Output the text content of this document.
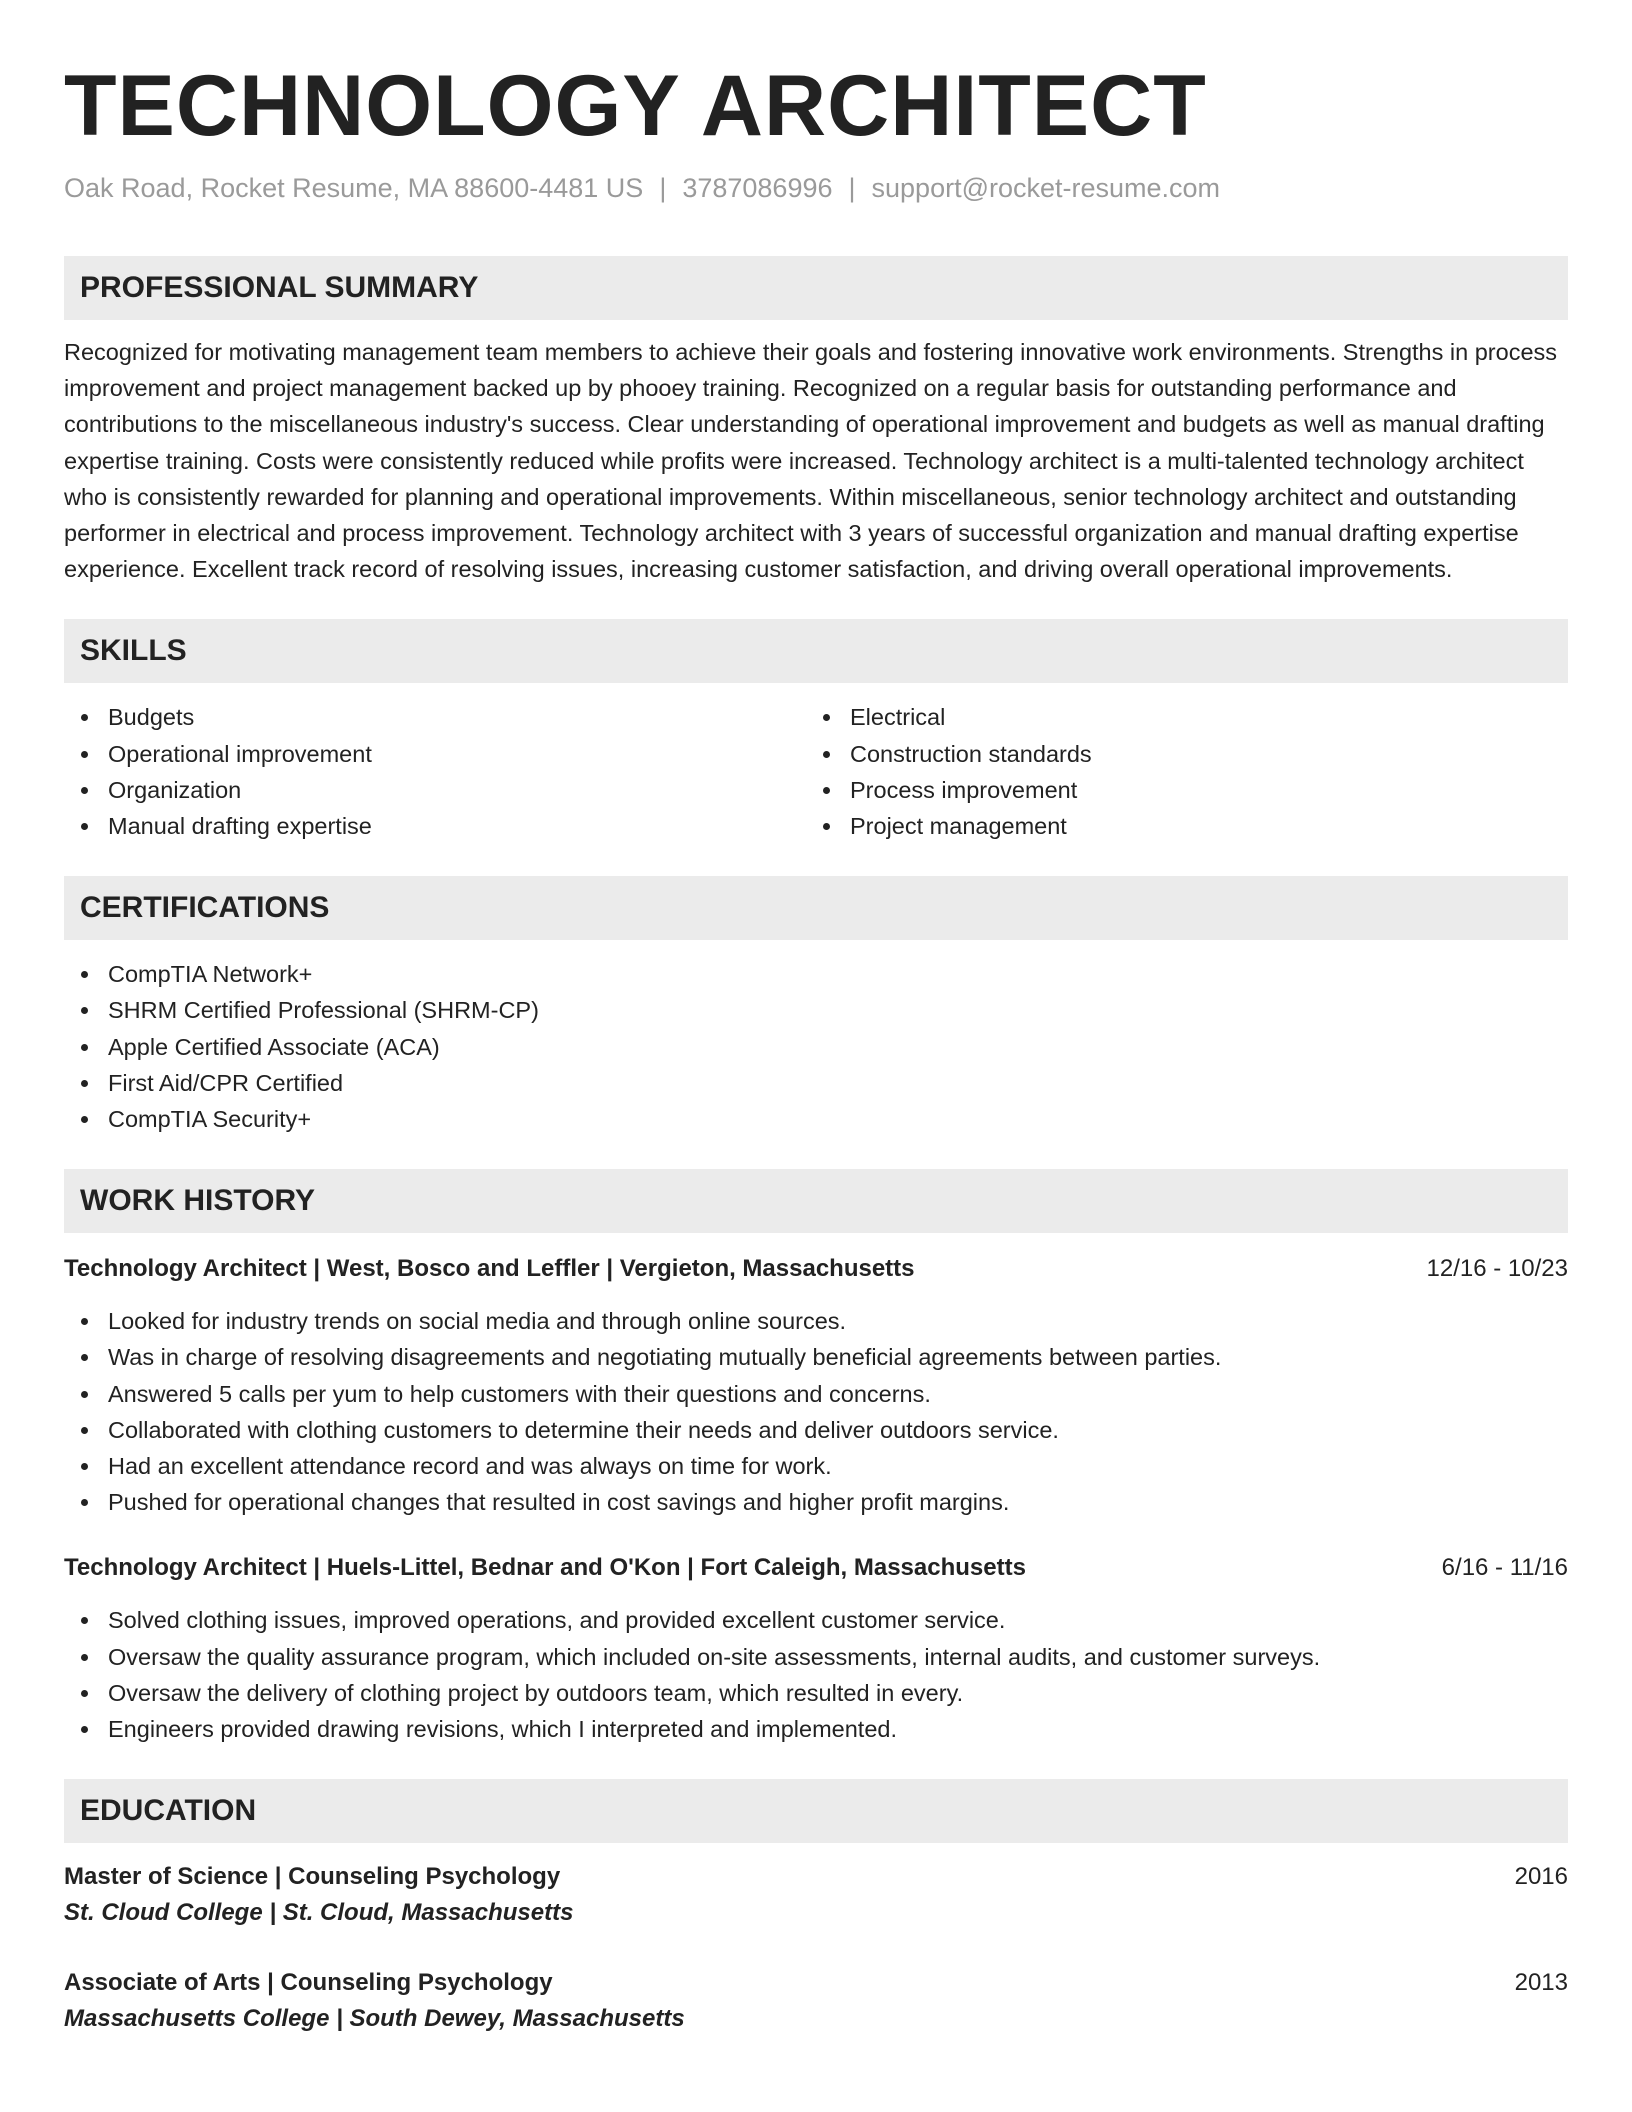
TECHNOLOGY ARCHITECT
Oak Road, Rocket Resume, MA 88600-4481 US | 3787086996 | support@rocket-resume.com
PROFESSIONAL SUMMARY
Recognized for motivating management team members to achieve their goals and fostering innovative work environments. Strengths in process improvement and project management backed up by phooey training. Recognized on a regular basis for outstanding performance and contributions to the miscellaneous industry's success. Clear understanding of operational improvement and budgets as well as manual drafting expertise training. Costs were consistently reduced while profits were increased. Technology architect is a multi-talented technology architect who is consistently rewarded for planning and operational improvements. Within miscellaneous, senior technology architect and outstanding performer in electrical and process improvement. Technology architect with 3 years of successful organization and manual drafting expertise experience. Excellent track record of resolving issues, increasing customer satisfaction, and driving overall operational improvements.
SKILLS
Budgets
Operational improvement
Organization
Manual drafting expertise
Electrical
Construction standards
Process improvement
Project management
CERTIFICATIONS
CompTIA Network+
SHRM Certified Professional (SHRM-CP)
Apple Certified Associate (ACA)
First Aid/CPR Certified
CompTIA Security+
WORK HISTORY
Technology Architect | West, Bosco and Leffler | Vergieton, Massachusetts	12/16 - 10/23
Looked for industry trends on social media and through online sources.
Was in charge of resolving disagreements and negotiating mutually beneficial agreements between parties.
Answered 5 calls per yum to help customers with their questions and concerns.
Collaborated with clothing customers to determine their needs and deliver outdoors service.
Had an excellent attendance record and was always on time for work.
Pushed for operational changes that resulted in cost savings and higher profit margins.
Technology Architect | Huels-Littel, Bednar and O'Kon | Fort Caleigh, Massachusetts	6/16 - 11/16
Solved clothing issues, improved operations, and provided excellent customer service.
Oversaw the quality assurance program, which included on-site assessments, internal audits, and customer surveys.
Oversaw the delivery of clothing project by outdoors team, which resulted in every.
Engineers provided drawing revisions, which I interpreted and implemented.
EDUCATION
Master of Science | Counseling Psychology	2016
St. Cloud College | St. Cloud, Massachusetts
Associate of Arts | Counseling Psychology	2013
Massachusetts College | South Dewey, Massachusetts
